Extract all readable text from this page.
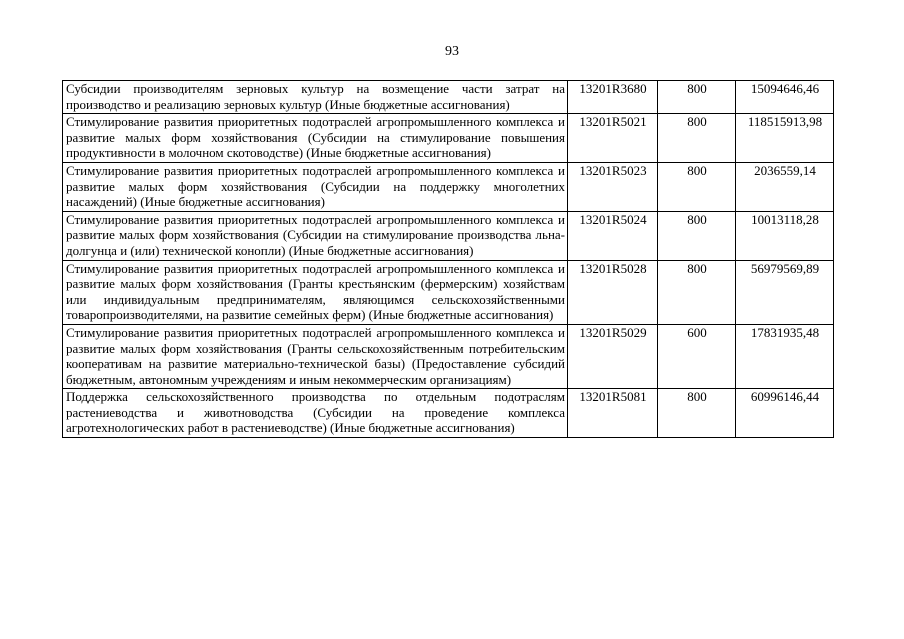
93
Субсидии производителям зерновых культур на возмещение части затрат на производство и реализацию зерновых культур (Иные бюджетные ассигнования)	13201R3680	800	15094646,46
Стимулирование развития приоритетных подотраслей агропромышленного комплекса и развитие малых форм хозяйствования (Субсидии на стимулирование повышения продуктивности в молочном скотоводстве) (Иные бюджетные ассигнования)	13201R5021	800	118515913,98
Стимулирование развития приоритетных подотраслей агропромышленного комплекса и развитие малых форм хозяйствования (Субсидии на поддержку многолетних насаждений) (Иные бюджетные ассигнования)	13201R5023	800	2036559,14
Стимулирование развития приоритетных подотраслей агропромышленного комплекса и развитие малых форм хозяйствования (Субсидии на стимулирование производства льна-долгунца и (или) технической конопли) (Иные бюджетные ассигнования)	13201R5024	800	10013118,28
Стимулирование развития приоритетных подотраслей агропромышленного комплекса и развитие малых форм хозяйствования (Гранты крестьянским (фермерским) хозяйствам или индивидуальным предпринимателям, являющимся сельскохозяйственными товаропроизводителями, на развитие семейных ферм) (Иные бюджетные ассигнования)	13201R5028	800	56979569,89
Стимулирование развития приоритетных подотраслей агропромышленного комплекса и развитие малых форм хозяйствования (Гранты сельскохозяйственным потребительским кооперативам на развитие материально-технической базы) (Предоставление субсидий бюджетным, автономным учреждениям и иным некоммерческим организациям)	13201R5029	600	17831935,48
Поддержка сельскохозяйственного производства по отдельным подотраслям растениеводства и животноводства (Субсидии на проведение комплекса агротехнологических работ в растениеводстве) (Иные бюджетные ассигнования)	13201R5081	800	60996146,44
